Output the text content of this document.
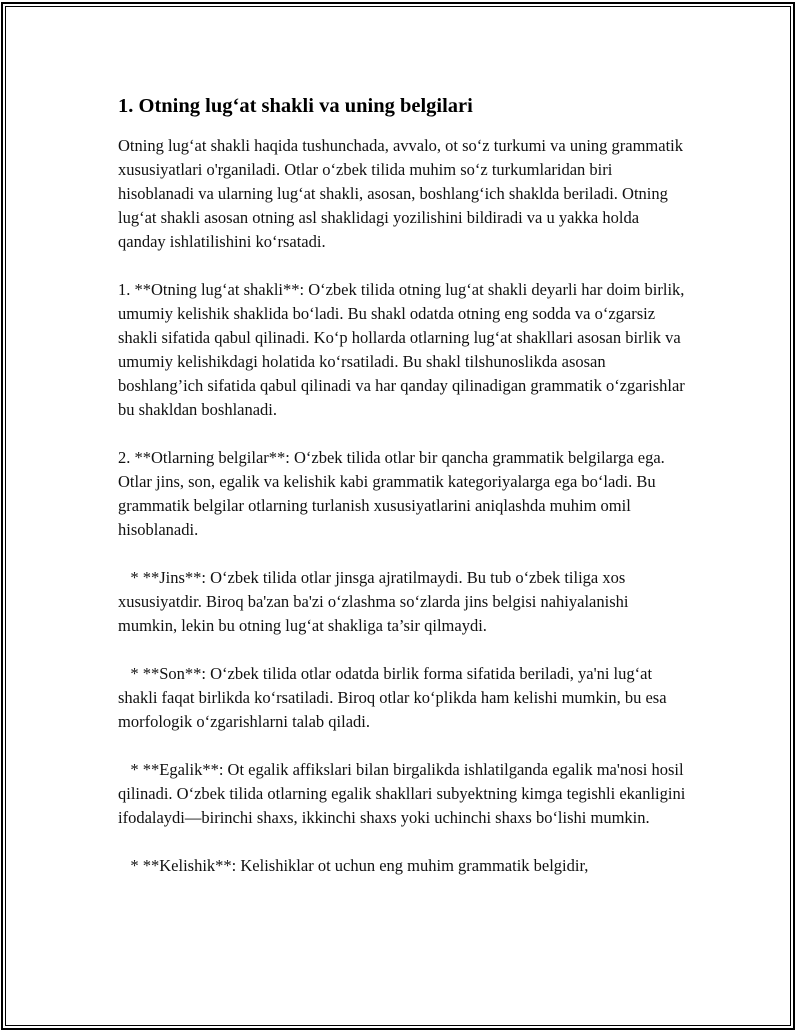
1. Otning lug‘at shakli va uning belgilari

Otning lug‘at shakli haqida tushunchada, avvalo, ot so‘z turkumi va uning grammatik xususiyatlari o'rganiladi. Otlar o‘zbek tilida muhim so‘z turkumlaridan biri hisoblanadi va ularning lug‘at shakli, asosan, boshlang‘ich shaklda beriladi. Otning lug‘at shakli asosan otning asl shaklidagi yozilishini bildiradi va u yakka holda qanday ishlatilishini ko‘rsatadi.

1. **Otning lug‘at shakli**: O‘zbek tilida otning lug‘at shakli deyarli har doim birlik, umumiy kelishik shaklida bo‘ladi. Bu shakl odatda otning eng sodda va o‘zgarsiz shakli sifatida qabul qilinadi. Ko‘p hollarda otlarning lug‘at shakllari asosan birlik va umumiy kelishikdagi holatida ko‘rsatiladi. Bu shakl tilshunoslikda asosan boshlang’ich sifatida qabul qilinadi va har qanday qilinadigan grammatik o‘zgarishlar bu shakldan boshlanadi.

2. **Otlarning belgilar**: O‘zbek tilida otlar bir qancha grammatik belgilarga ega. Otlar jins, son, egalik va kelishik kabi grammatik kategoriyalarga ega bo‘ladi. Bu grammatik belgilar otlarning turlanish xususiyatlarini aniqlashda muhim omil hisoblanadi.

* **Jins**: O‘zbek tilida otlar jinsga ajratilmaydi. Bu tub o‘zbek tiliga xos xususiyatdir. Biroq ba'zan ba'zi o‘zlashma so‘zlarda jins belgisi nahiyalanishi mumkin, lekin bu otning lug‘at shakliga ta’sir qilmaydi.

* **Son**: O‘zbek tilida otlar odatda birlik forma sifatida beriladi, ya'ni lug‘at shakli faqat birlikda ko‘rsatiladi. Biroq otlar ko‘plikda ham kelishi mumkin, bu esa morfologik o‘zgarishlarni talab qiladi.

* **Egalik**: Ot egalik affikslari bilan birgalikda ishlatilganda egalik ma'nosi hosil qilinadi. O‘zbek tilida otlarning egalik shakllari subyektning kimga tegishli ekanligini ifodalaydi—birinchi shaxs, ikkinchi shaxs yoki uchinchi shaxs bo‘lishi mumkin.

* **Kelishik**: Kelishiklar ot uchun eng muhim grammatik belgidir,
